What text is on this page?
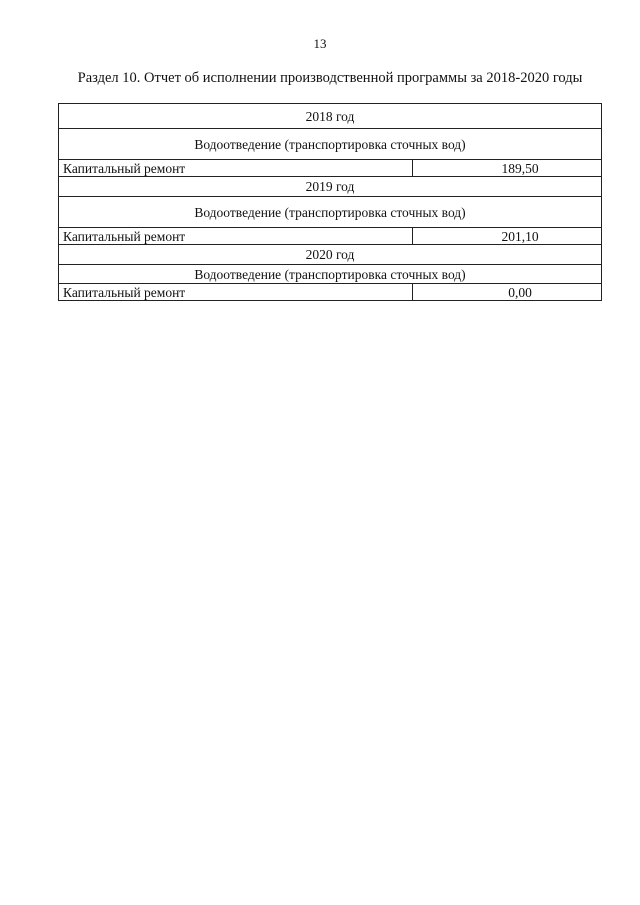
13
Раздел 10. Отчет об исполнении производственной программы за 2018-2020 годы
2018 год	
Водоотведение (транспортировка сточных вод)	
Капитальный ремонт	189,50
2019 год	
Водоотведение (транспортировка сточных вод)	
Капитальный ремонт	201,10
2020 год	
Водоотведение (транспортировка сточных вод)	
Капитальный ремонт	0,00
